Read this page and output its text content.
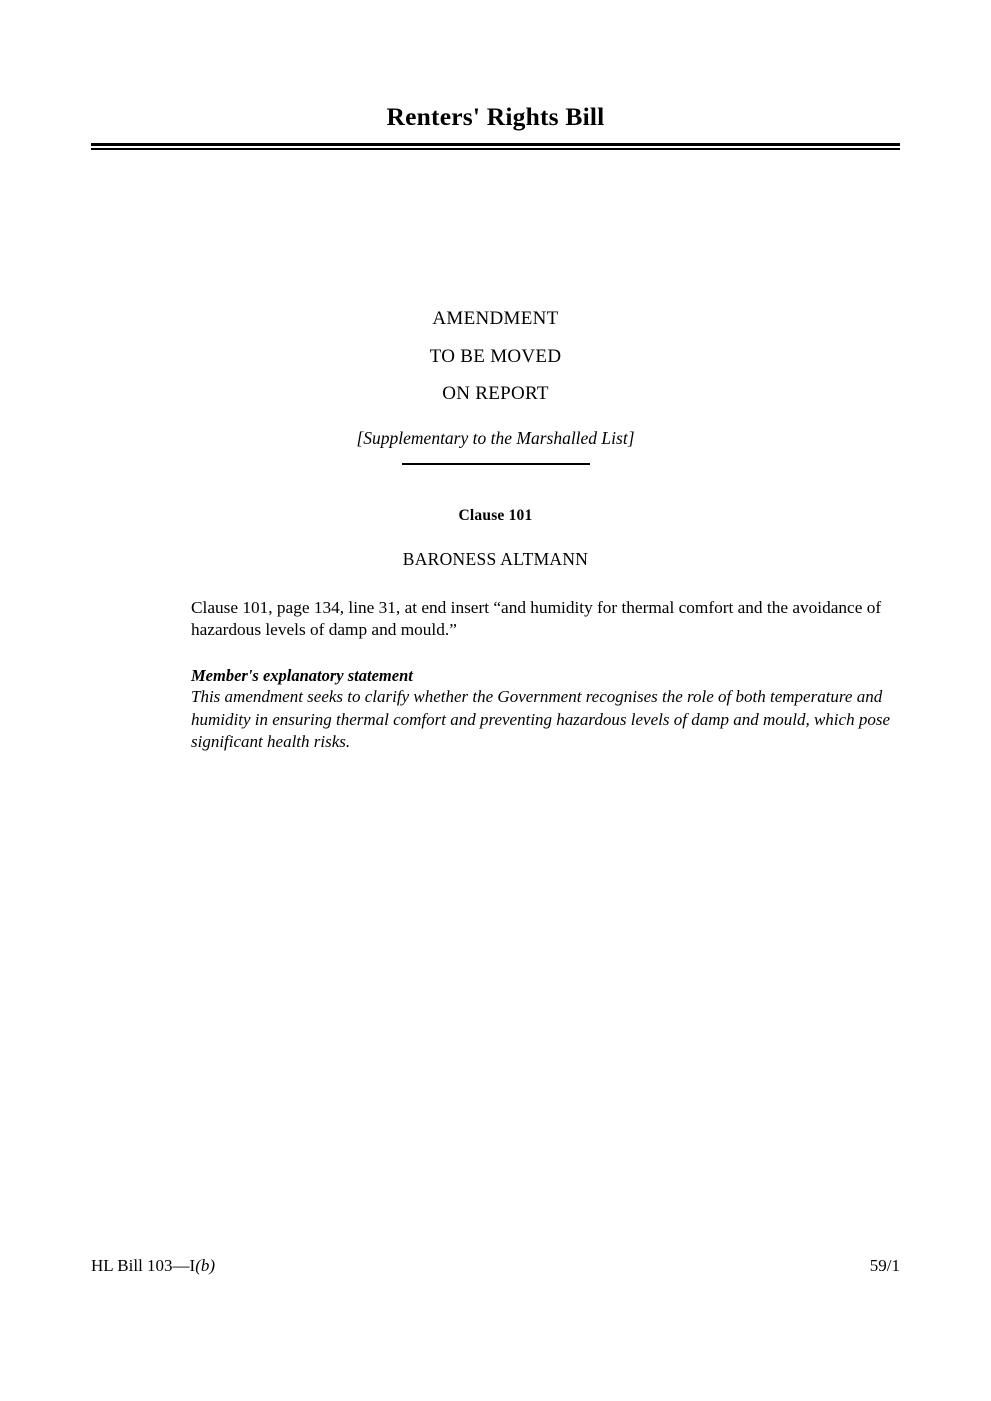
Renters' Rights Bill

AMENDMENT

TO BE MOVED

ON REPORT

[Supplementary to the Marshalled List]

Clause 101

BARONESS ALTMANN

Clause 101, page 134, line 31, at end insert “and humidity for thermal comfort and the avoidance of hazardous levels of damp and mould.”

Member's explanatory statement

This amendment seeks to clarify whether the Government recognises the role of both temperature and humidity in ensuring thermal comfort and preventing hazardous levels of damp and mould, which pose significant health risks.

HL Bill 103—I(b)	59/1
